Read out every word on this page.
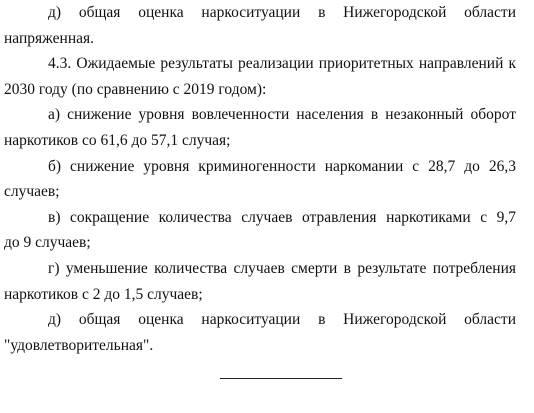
д) общая оценка наркоситуации в Нижегородской области
напряженная.
4.3. Ожидаемые результаты реализации приоритетных направлений к
2030 году (по сравнению с 2019 годом):
а) снижение уровня вовлеченности населения в незаконный оборот
наркотиков со 61,6 до 57,1 случая;
б) снижение уровня криминогенности наркомании с 28,7 до 26,3
случаев;
в) сокращение количества случаев отравления наркотиками с 9,7
до 9 случаев;
г) уменьшение количества случаев смерти в результате потребления
наркотиков с 2 до 1,5 случаев;
д) общая оценка наркоситуации в Нижегородской области
"удовлетворительная".
